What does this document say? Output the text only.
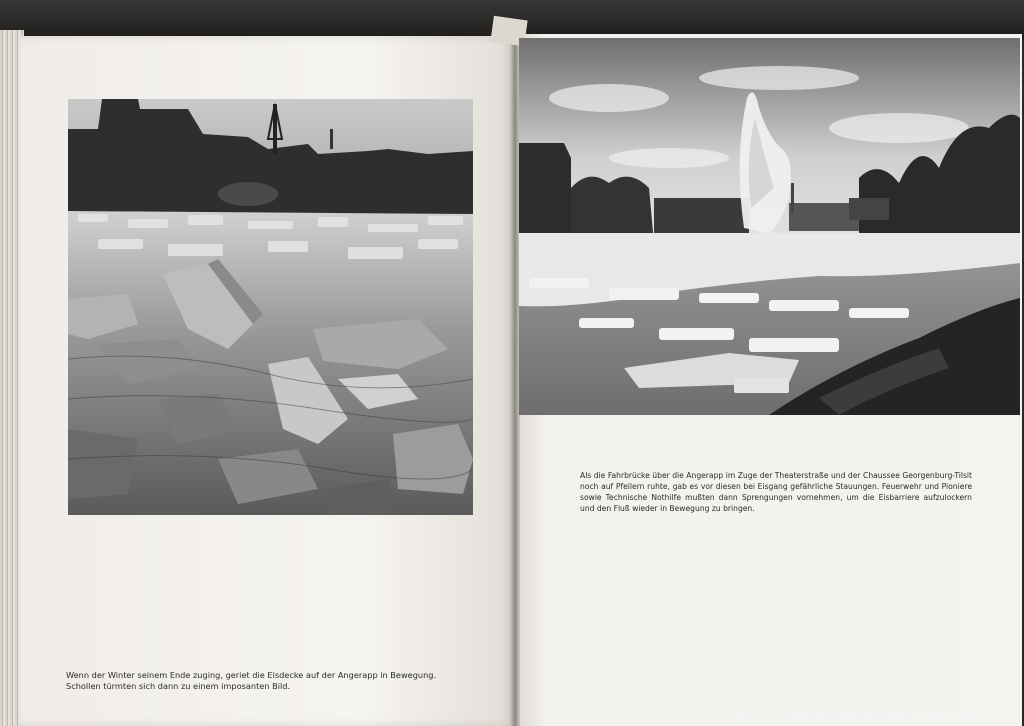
Wenn der Winter seinem Ende zuging, geriet die Eisdecke auf der Angerapp in Bewegung. Schollen türmten sich dann zu einem imposanten Bild.
Als die Fahrbrücke über die Angerapp im Zuge der Theaterstraße und der Chaussee Georgenburg-Tilsit noch auf Pfeilern ruhte, gab es vor diesen bei Eisgang gefährliche Stauungen. Feuerwehr und Pioniere sowie Technische Nothilfe mußten dann Sprengungen vornehmen, um die Eisbarriere aufzulockern und den Fluß wieder in Bewegung zu bringen.
HTTP://WWW.CHERNYAHOVSK.COM
